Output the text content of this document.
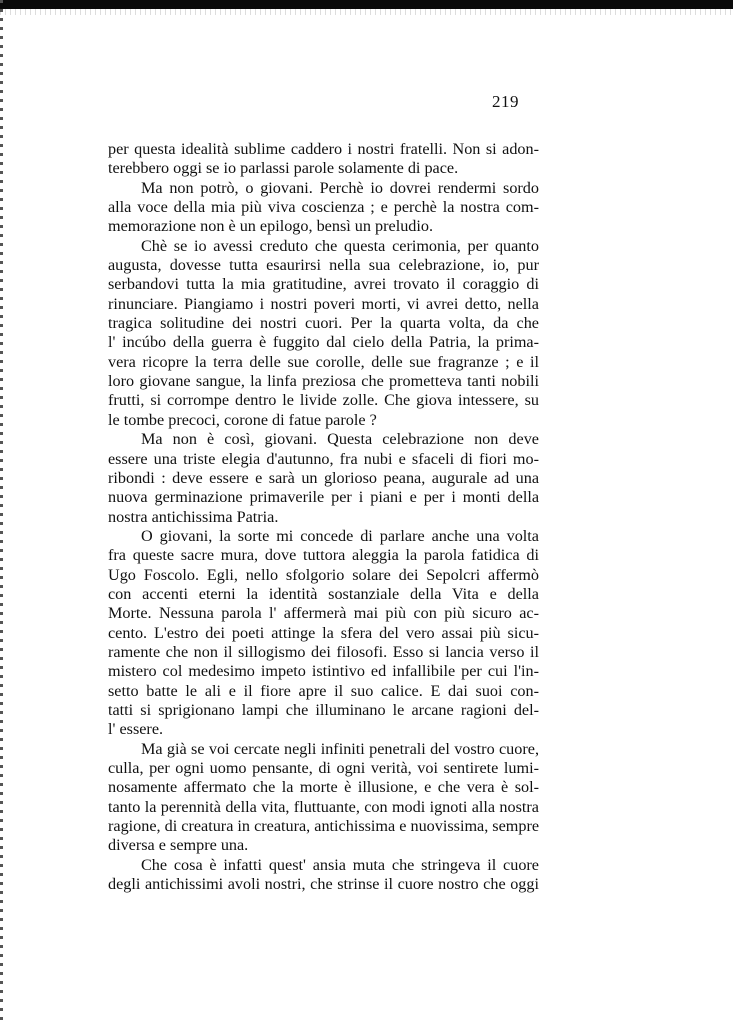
219
per questa idealità sublime caddero i nostri fratelli. Non si adon-
terebbero oggi se io parlassi parole solamente di pace.
Ma non potrò, o giovani. Perchè io dovrei rendermi sordo
alla voce della mia più viva coscienza ; e perchè la nostra com-
memorazione non è un epilogo, bensì un preludio.
Chè se io avessi creduto che questa cerimonia, per quanto
augusta, dovesse tutta esaurirsi nella sua celebrazione, io, pur
serbandovi tutta la mia gratitudine, avrei trovato il coraggio di
rinunciare. Piangiamo i nostri poveri morti, vi avrei detto, nella
tragica solitudine dei nostri cuori. Per la quarta volta, da che
l' incúbo della guerra è fuggito dal cielo della Patria, la prima-
vera ricopre la terra delle sue corolle, delle sue fragranze ; e il
loro giovane sangue, la linfa preziosa che prometteva tanti nobili
frutti, si corrompe dentro le livide zolle. Che giova intessere, su
le tombe precoci, corone di fatue parole ?
Ma non è così, giovani. Questa celebrazione non deve
essere una triste elegia d'autunno, fra nubi e sfaceli di fiori mo-
ribondi : deve essere e sarà un glorioso peana, augurale ad una
nuova germinazione primaverile per i piani e per i monti della
nostra antichissima Patria.
O giovani, la sorte mi concede di parlare anche una volta
fra queste sacre mura, dove tuttora aleggia la parola fatidica di
Ugo Foscolo. Egli, nello sfolgorio solare dei Sepolcri affermò
con accenti eterni la identità sostanziale della Vita e della
Morte. Nessuna parola l' affermerà mai più con più sicuro ac-
cento. L'estro dei poeti attinge la sfera del vero assai più sicu-
ramente che non il sillogismo dei filosofi. Esso si lancia verso il
mistero col medesimo impeto istintivo ed infallibile per cui l'in-
setto batte le ali e il fiore apre il suo calice. E dai suoi con-
tatti si sprigionano lampi che illuminano le arcane ragioni del-
l' essere.
Ma già se voi cercate negli infiniti penetrali del vostro cuore,
culla, per ogni uomo pensante, di ogni verità, voi sentirete lumi-
nosamente affermato che la morte è illusione, e che vera è sol-
tanto la perennità della vita, fluttuante, con modi ignoti alla nostra
ragione, di creatura in creatura, antichissima e nuovissima, sempre
diversa e sempre una.
Che cosa è infatti quest' ansia muta che stringeva il cuore
degli antichissimi avoli nostri, che strinse il cuore nostro che oggi
